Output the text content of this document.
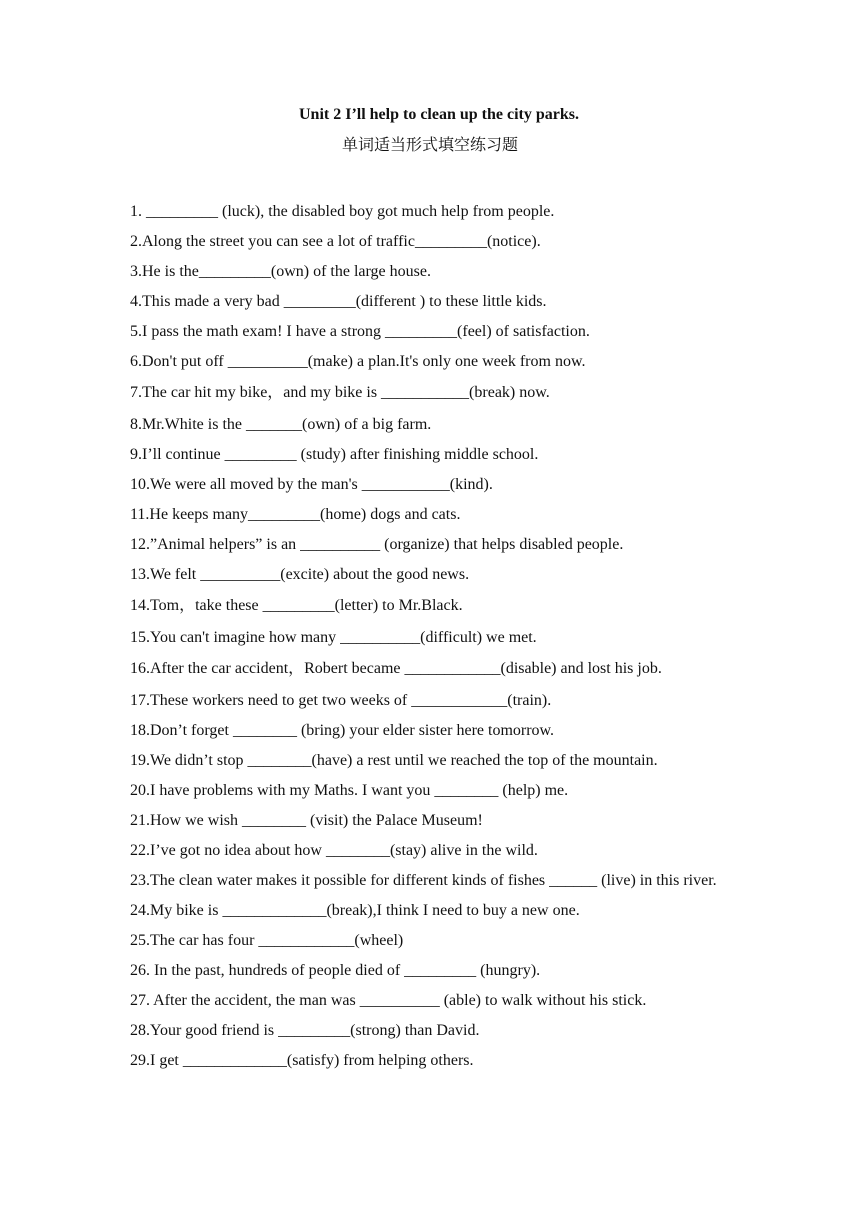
Unit 2 I’ll help to clean up the city parks.
单词适当形式填空练习题
1. _________ (luck), the disabled boy got much help from people.
2.Along the street you can see a lot of traffic_________(notice).
3.He is the_________(own) of the large house.
4.This made a very bad _________(different ) to these little kids.
5.I pass the math exam! I have a strong _________(feel) of satisfaction.
6.Don't put off __________(make) a plan.It's only one week from now.
7.The car hit my bike，and my bike is ___________(break) now.
8.Mr.White is the _______(own) of a big farm.
9.I’ll continue _________ (study) after finishing middle school.
10.We were all moved by the man's ___________(kind).
11.He keeps many_________(home) dogs and cats.
12.”Animal helpers” is an __________ (organize) that helps disabled people.
13.We felt __________(excite) about the good news.
14.Tom，take these _________(letter) to Mr.Black.
15.You can't imagine how many __________(difficult) we met.
16.After the car accident，Robert became ____________(disable) and lost his job.
17.These workers need to get two weeks of ____________(train).
18.Don’t forget ________ (bring) your elder sister here tomorrow.
19.We didn’t stop ________(have) a rest until we reached the top of the mountain.
20.I have problems with my Maths. I want you ________ (help) me.
21.How we wish ________ (visit) the Palace Museum!
22.I’ve got no idea about how ________(stay) alive in the wild.
23.The clean water makes it possible for different kinds of fishes ______ (live) in this river.
24.My bike is _____________(break),I think I need to buy a new one.
25.The car has four ____________(wheel)
26. In the past, hundreds of people died of _________ (hungry).
27. After the accident, the man was __________ (able) to walk without his stick.
28.Your good friend is _________(strong) than David.
29.I get _____________(satisfy) from helping others.
